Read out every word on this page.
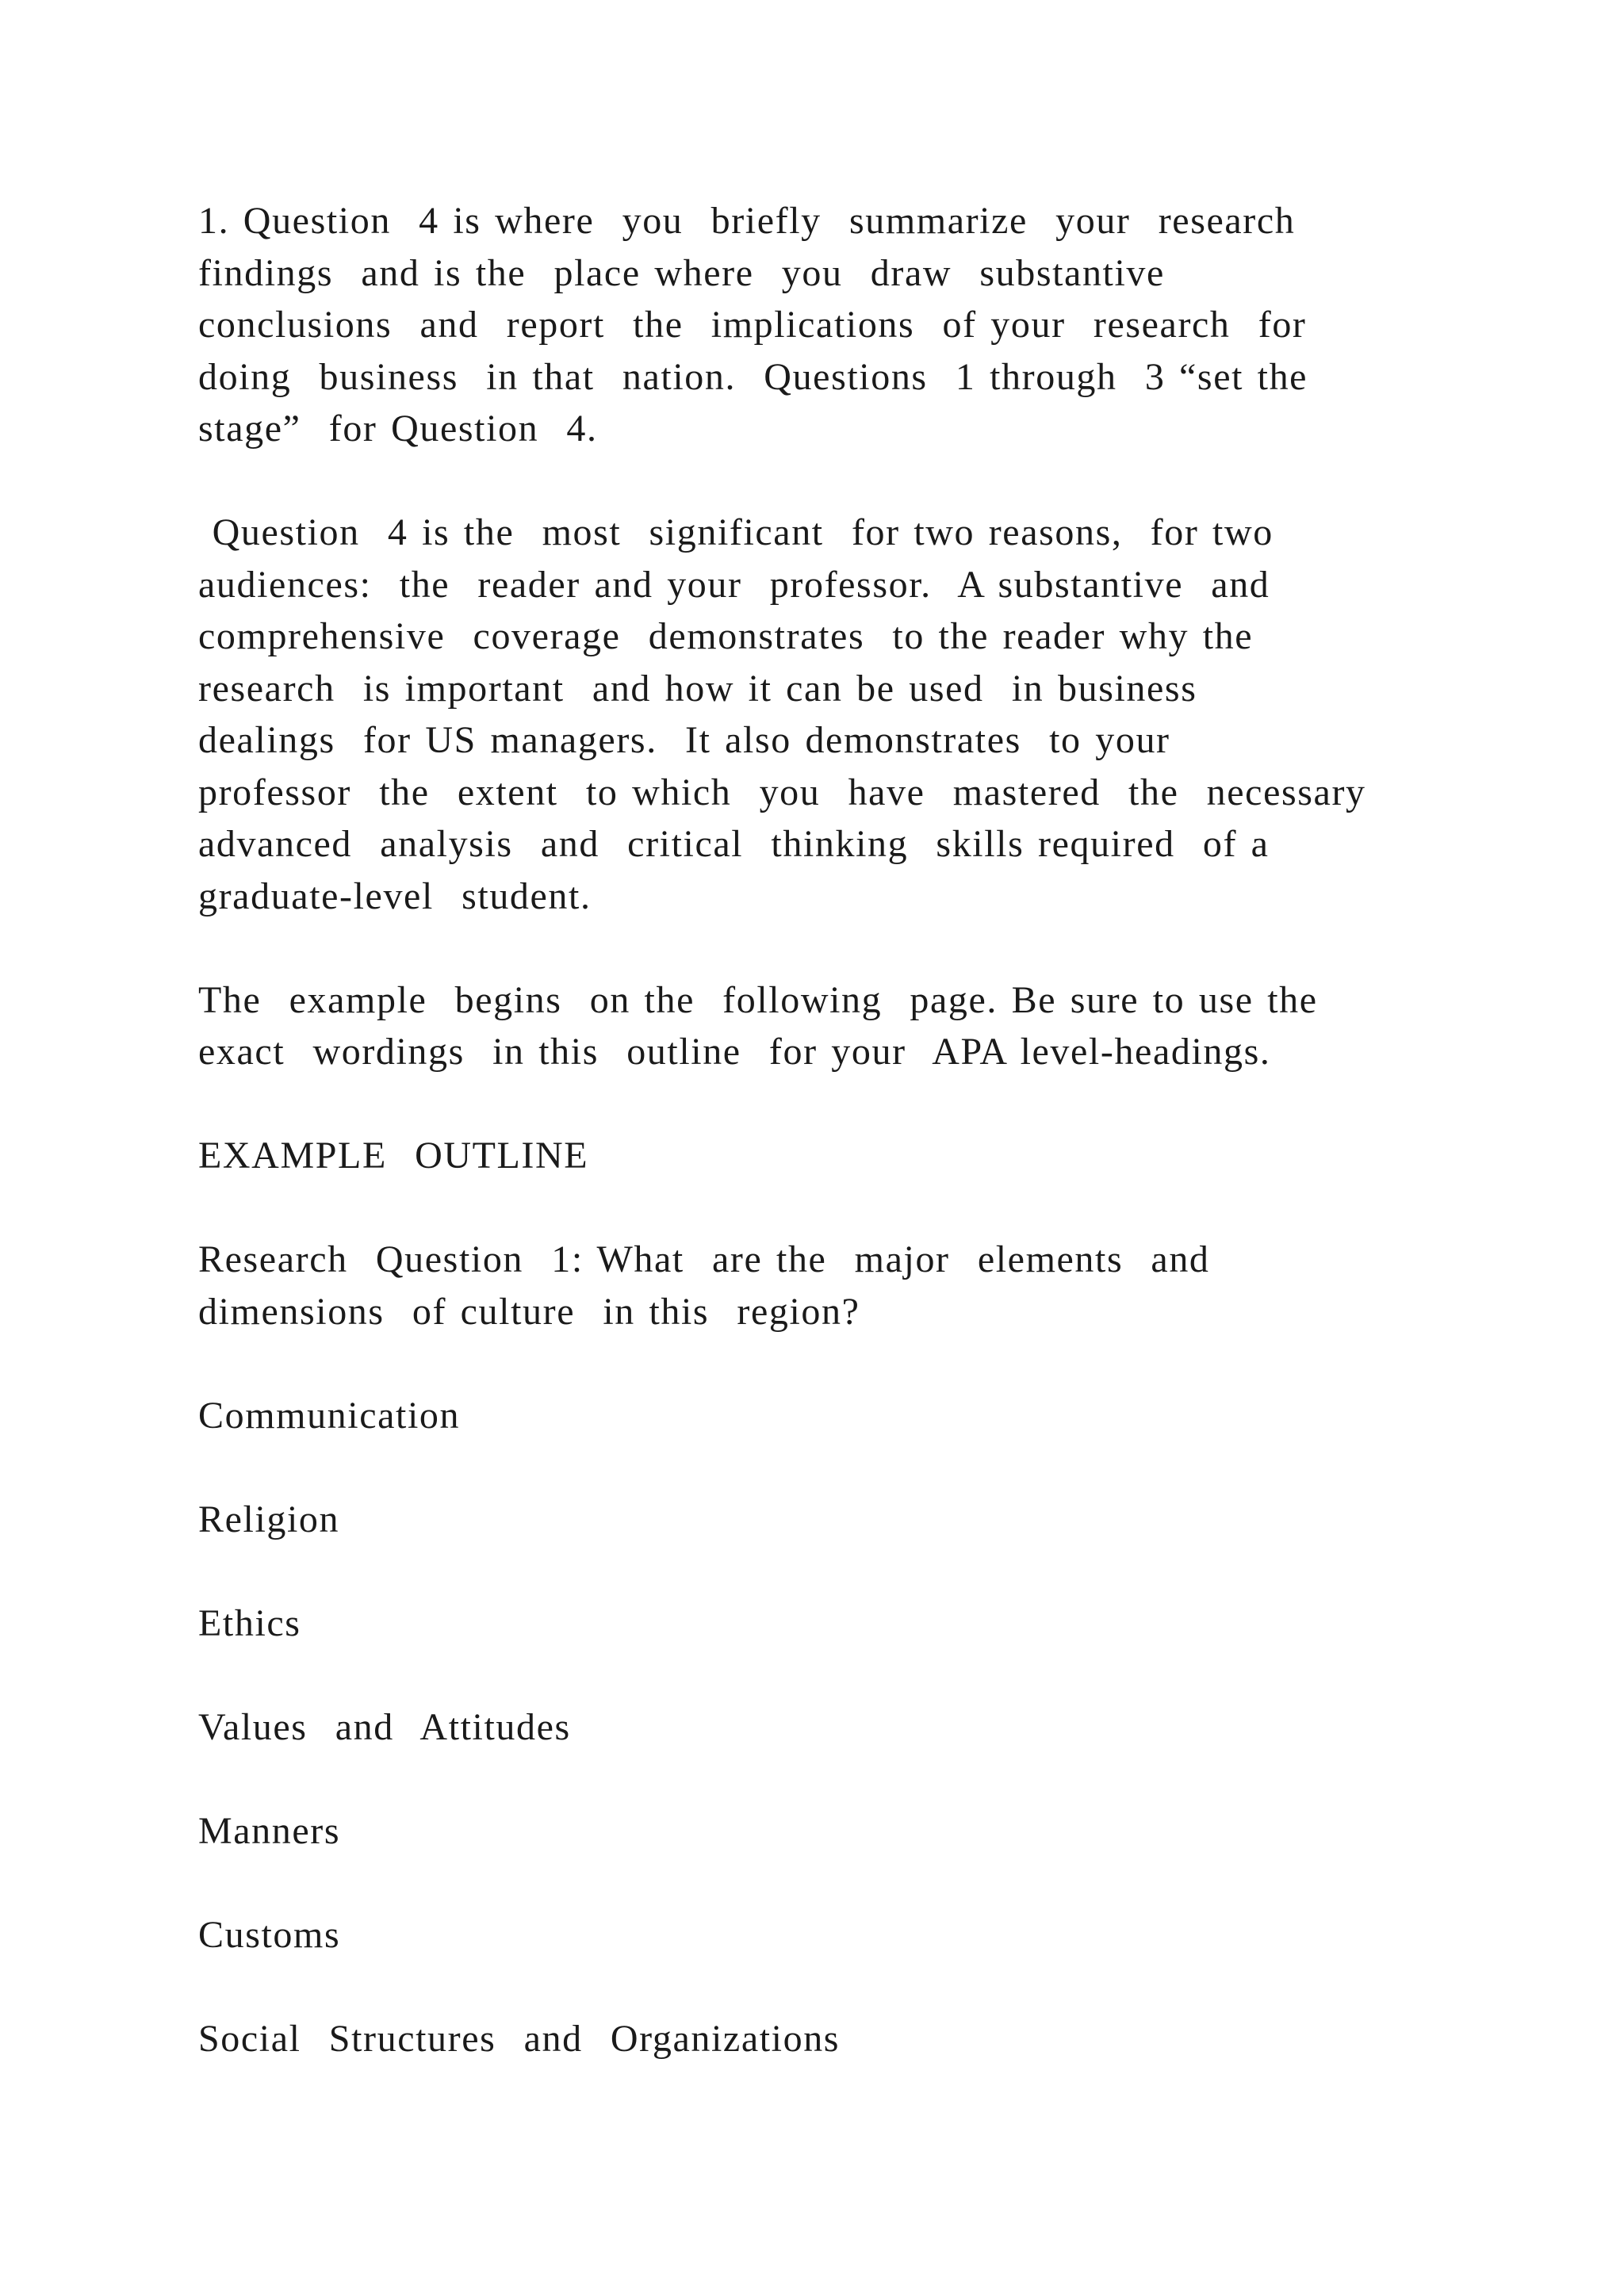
1. Question  4 is where  you  briefly  summarize  your  research
findings  and is the  place where  you  draw  substantive
conclusions  and  report  the  implications  of your  research  for
doing  business  in that  nation.  Questions  1 through  3 “set the
stage”  for Question  4.
Question  4 is the  most  significant  for two reasons,  for two
audiences:  the  reader and your  professor.  A substantive  and
comprehensive  coverage  demonstrates  to the reader why the
research  is important  and how it can be used  in business
dealings  for US managers.  It also demonstrates  to your
professor  the  extent  to which  you  have  mastered  the  necessary
advanced  analysis  and  critical  thinking  skills required  of a
graduate-level  student.
The  example  begins  on the  following  page. Be sure to use the
exact  wordings  in this  outline  for your  APA level-headings.
EXAMPLE  OUTLINE
Research  Question  1: What  are the  major  elements  and
dimensions  of culture  in this  region?
Communication
Religion
Ethics
Values  and  Attitudes
Manners
Customs
Social  Structures  and  Organizations
